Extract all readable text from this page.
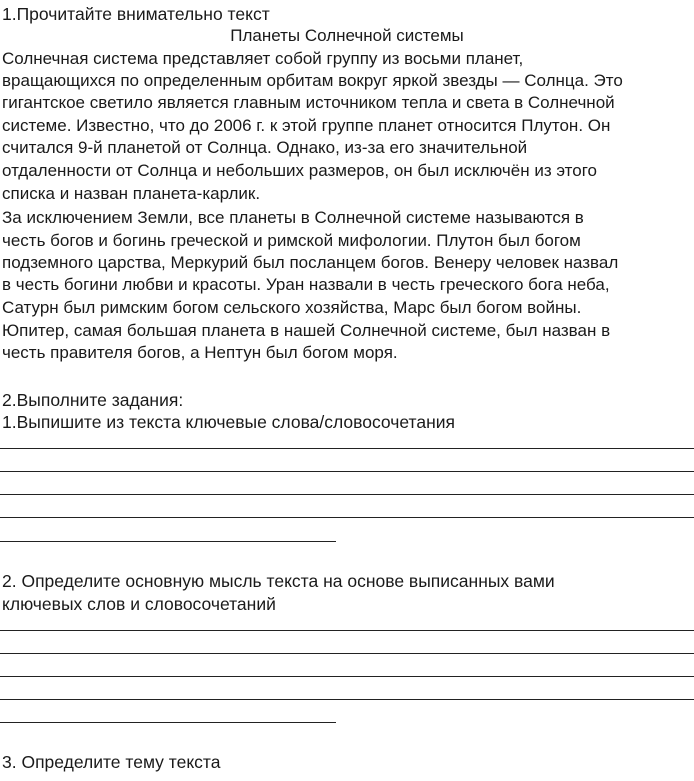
1.Прочитайте внимательно текст
Планеты Солнечной системы
Солнечная система представляет собой группу из восьми планет,
вращающихся по определенным орбитам вокруг яркой звезды — Солнца. Это
гигантское светило является главным источником тепла и света в Солнечной
системе. Известно, что до 2006 г. к этой группе планет относится Плутон. Он
считался 9-й планетой от Солнца. Однако, из-за его значительной
отдаленности от Солнца и небольших размеров, он был исключён из этого
списка и назван планета-карлик.
За исключением Земли, все планеты в Солнечной системе называются в
честь богов и богинь греческой и римской мифологии. Плутон был богом
подземного царства, Меркурий был посланцем богов. Венеру человек назвал
в честь богини любви и красоты. Уран назвали в честь греческого бога неба,
Сатурн был римским богом сельского хозяйства, Марс был богом войны.
Юпитер, самая большая планета в нашей Солнечной системе, был назван в
честь правителя богов, а Нептун был богом моря.
2.Выполните задания:
1.Выпишите из текста ключевые слова/словосочетания
2. Определите основную мысль текста на основе выписанных вами
ключевых слов и словосочетаний
3. Определите тему текста
